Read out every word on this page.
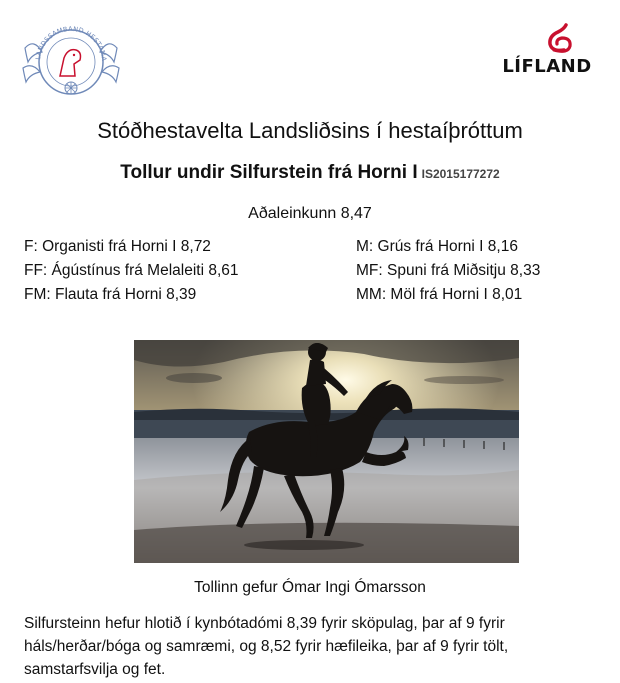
LANDSSAMBAND HESTAMA	LÍFLAND
Stóðhestavelta Landsliðsins í hestaíþróttum
Tollur undir Silfurstein frá Horni I IS2015177272
Aðaleinkunn 8,47
F: Organisti frá Horni I 8,72
FF: Ágústínus frá Melaleiti 8,61
FM: Flauta frá Horni 8,39
M: Grús frá Horni I 8,16
MF: Spuni frá Miðsitju 8,33
MM: Möl frá Horni I 8,01
Tollinn gefur Ómar Ingi Ómarsson
Silfursteinn hefur hlotið í kynbótadómi 8,39 fyrir sköpulag, þar af 9 fyrir háls/herðar/bóga og samræmi, og 8,52 fyrir hæfileika, þar af 9 fyrir tölt, samstarfsvilja og fet.
